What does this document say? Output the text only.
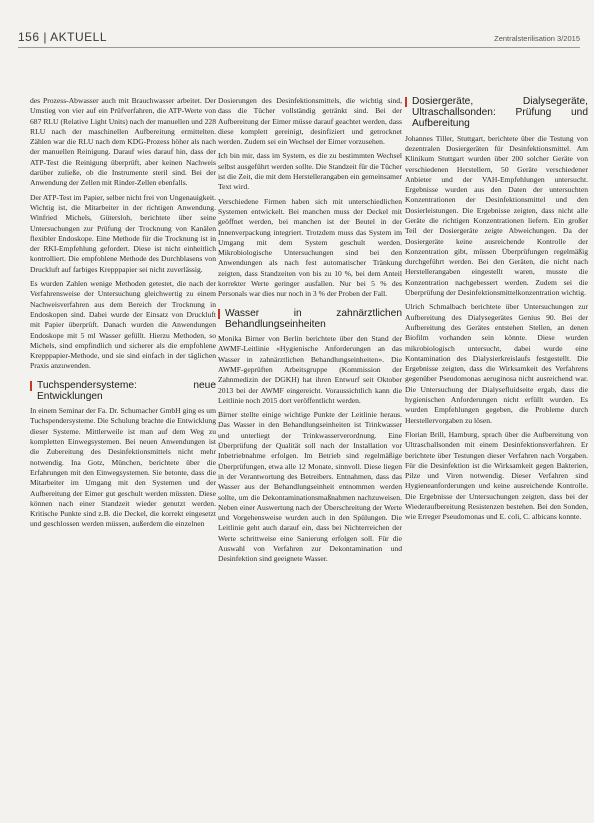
156 | AKTUELL	Zentralsterilisation 3/2015

des Prozess-Abwasser auch mit Brauchwasser arbeitet. Der Umstieg von vier auf ein Prüfverfahren, die ATP-Werte von 687 RLU (Relative Light Units) nach der manuellen und 228 RLU nach der maschinellen Aufbereitung ermittelten. Zählen war die RLU nach dem KDG-Prozess höher als nach der manuellen Reinigung. Darauf wies darauf hin, dass der ATP-Test die Reinigung überprüft, aber keinen Nachweis darüber zuließe, ob die Instrumente steril sind. Bei der Anwendung der Zellen mit Rinder-Zellen ebenfalls.

Der ATP-Test im Papier, selber nicht frei von Ungenauigkeit. Wichtig ist, die Mitarbeiter in der richtigen Anwendung. Winfried Michels, Gütersloh, berichtete über seine Untersuchungen zur Prüfung der Trocknung von Kanälen flexibler Endoskope. Eine Methode für die Trocknung ist in der RKI-Empfehlung gefordert. Diese ist nicht einheitlich kontrolliert. Die empfohlene Methode des Durchblasens von Druckluft auf farbiges Krepppapier sei nicht zuverlässig.

Es wurden Zahlen wenige Methoden getestet, die nach der Verfahrensweise der Untersuchung gleichwertig zu einem Nachweisverfahren aus dem Bereich der Trocknung in Endoskopen sind. Dabei wurde der Einsatz von Druckluft mit Papier überprüft. Danach wurden die Anwendungen Endoskope mit 5 ml Wasser gefüllt. Hierzu Methoden, so Michels, sind empfindlich und sicherer als die empfohlene Krepppapier-Methode, und sie sind einfach in der täglichen Praxis anzuwenden.

Tuchspendersysteme: neue Entwicklungen

In einem Seminar der Fa. Dr. Schumacher GmbH ging es um Tuchspendersysteme. Die Schulung brachte die Entwicklung dieser Systeme. Mittlerweile ist man auf dem Weg zu kompletten Einwegsystemen. Bei neuen Anwendungen ist die Zubereitung des Desinfektionsmittels nicht mehr notwendig. Ina Gotz, München, berichtete über die Erfahrungen mit den Einwegsystemen. Sie betonte, dass die Mitarbeiter im Umgang mit den Systemen und der Aufbereitung der Eimer gut geschult werden müssten. Diese können nach einer Standzeit wieder genutzt werden. Kritische Punkte sind z.B. die Deckel, die korrekt eingesetzt und geschlossen werden müssen, außerdem die einzelnen

Dosierungen des Desinfektionsmittels, die wichtig sind, dass die Tücher vollständig getränkt sind. Bei der Aufbereitung der Eimer müsse darauf geachtet werden, dass diese komplett gereinigt, desinfiziert und getrocknet werden. Zudem sei ein Wechsel der Eimer vorzusehen.

Ich bin mir, dass im System, es die zu bestimmten Wechsel selbst ausgeführt werden sollte. Die Standzeit für die Tücher ist die Zeit, die mit dem Herstellerangaben ein gemeinsamer Text wird.

Verschiedene Firmen haben sich mit unterschiedlichen Systemen entwickelt. Bei manchen muss der Deckel mit geöffnet werden, bei manchen ist der Beutel in der Innenverpackung integriert. Trotzdem muss das System im Umgang mit dem System geschult werden. Mikrobiologische Untersuchungen sind bei den Anwendungen als nach fest automatischer Tränkung zeigten, dass Standzeiten von bis zu 10 %, bei dem Anteil korrekter Werte geringer ausfallen. Nur bei 5 % des Personals war dies nur noch in 3 % der Proben der Fall.

Wasser in zahnärztlichen Behandlungseinheiten

Monika Birner von Berlin berichtete über den Stand der AWMF-Leitlinie «Hygienische Anforderungen an das Wasser in zahnärztlichen Behandlungseinheiten». Die AWMF-geprüften Arbeitsgruppe (Kommission der Zahnmedizin der DGKH) hat ihren Entwurf seit Oktober 2013 bei der AWMF eingereicht. Voraussichtlich kann die Leitlinie noch 2015 dort veröffentlicht werden.

Birner stellte einige wichtige Punkte der Leitlinie heraus. Das Wasser in den Behandlungseinheiten ist Trinkwasser und unterliegt der Trinkwasserverordnung. Eine Überprüfung der Qualität soll nach der Installation vor Inbetriebnahme erfolgen. Im Betrieb sind regelmäßige Überprüfungen, etwa alle 12 Monate, sinnvoll. Diese liegen in der Verantwortung des Betreibers. Entnahmen, dass das Wasser aus der Behandlungseinheit entnommen werden sollte, um die Dekontaminationsmaßnahmen nachzuweisen. Neben einer Auswertung nach der Überschreitung der Werte und Vorgehensweise wurden auch in den Spülungen. Die Leitlinie geht auch darauf ein, dass bei Nichterreichen der Werte schrittweise eine Sanierung erfolgen soll. Für die Auswahl von Verfahren zur Dekontamination und Desinfektion sind geeignete Wasser.

Dosiergeräte, Dialysegeräte, Ultraschallsonden: Prüfung und Aufbereitung

Johannes Tiller, Stuttgart, berichtete über die Testung von dezentralen Dosiergeräten für Desinfektionsmittel. Am Klinikum Stuttgart wurden über 200 solcher Geräte von verschiedenen Herstellern, 50 Geräte verschiedener Anbieter und der VAH-Empfehlungen untersucht. Ergebnisse wurden aus den Daten der untersuchten Konzentrationen der Desinfektionsmittel und den Dosierleistungen. Die Ergebnisse zeigten, dass nicht alle Geräte die richtigen Konzentrationen liefern. Ein großer Teil der Dosiergeräte zeigte Abweichungen. Da der Dosiergeräte keine ausreichende Kontrolle der Konzentration gibt, müssen Überprüfungen regelmäßig durchgeführt werden. Bei den Geräten, die nicht nach Herstellerangaben eingestellt waren, musste die Konzentration nachgebessert werden. Zudem sei die Überprüfung der Desinfektionsmittelkonzentration wichtig.

Ulrich Schmalbach berichtete über Untersuchungen zur Aufbereitung des Dialysegerätes Genius 90. Bei der Aufbereitung des Gerätes entstehen Stellen, an denen Biofilm vorhanden sein könnte. Diese wurden mikrobiologisch untersucht, dabei wurde eine Kontamination des Dialysierkreislaufs festgestellt. Die Ergebnisse zeigten, dass die Wirksamkeit des Verfahrens gegenüber Pseudomonas aeruginosa nicht ausreichend war. Die Untersuchung der Dialysefluidseite ergab, dass die hygienischen Anforderungen nicht erfüllt wurden. Es wurden Empfehlungen gegeben, die Probleme durch Herstellervorgaben zu lösen.

Florian Brill, Hamburg, sprach über die Aufbereitung von Ultraschallsonden mit einem Desinfektionsverfahren. Er berichtete über Testungen dieser Verfahren nach Vorgaben. Für die Desinfektion ist die Wirksamkeit gegen Bakterien, Pilze und Viren notwendig. Dieser Verfahren sind Hygieneanforderungen und keine ausreichende Kontrolle. Die Ergebnisse der Untersuchungen zeigten, dass bei der Wiederaufbereitung Resistenzen bestehen. Bei den Sonden, wie Erreger Pseudomonas und E. coli, C. albicans konnte.
